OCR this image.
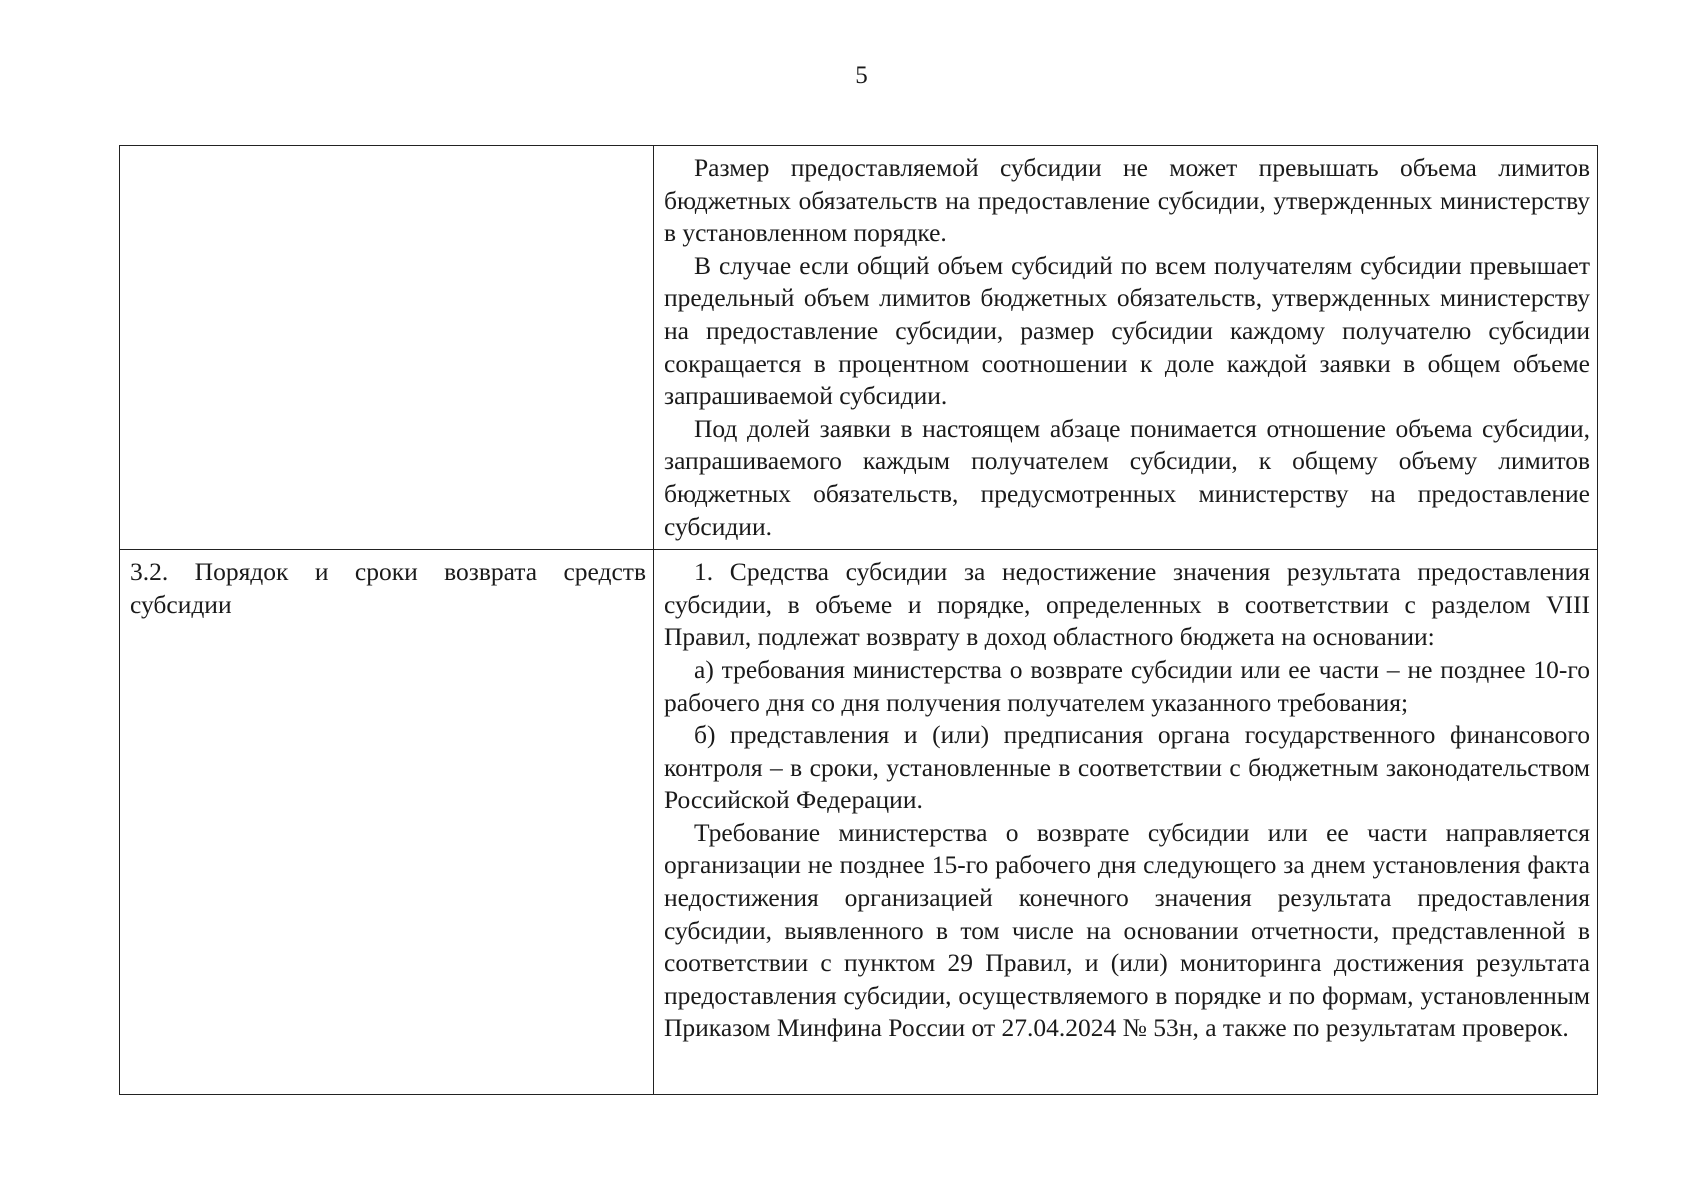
5

	Размер предоставляемой субсидии не может превышать объема лимитов бюджетных обязательств на предоставление субсидии, утвержденных министерству в установленном порядке.

В случае если общий объем субсидий по всем получателям субсидии превышает предельный объем лимитов бюджетных обязательств, утвержденных министерству на предоставление субсидии, размер субсидии каждому получателю субсидии сокращается в процентном соотношении к доле каждой заявки в общем объеме запрашиваемой субсидии.

Под долей заявки в настоящем абзаце понимается отношение объема субсидии, запрашиваемого каждым получателем субсидии, к общему объему лимитов бюджетных обязательств, предусмотренных министерству на предоставление субсидии.

3.2. Порядок и сроки возврата средств субсидии	1. Средства субсидии за недостижение значения результата предоставления субсидии, в объеме и порядке, определенных в соответствии с разделом VIII Правил, подлежат возврату в доход областного бюджета на основании:

а) требования министерства о возврате субсидии или ее части – не позднее 10-го рабочего дня со дня получения получателем указанного требования;

б) представления и (или) предписания органа государственного финансового контроля – в сроки, установленные в соответствии с бюджетным законодательством Российской Федерации.

Требование министерства о возврате субсидии или ее части направляется организации не позднее 15-го рабочего дня следующего за днем установления факта недостижения организацией конечного значения результата предоставления субсидии, выявленного в том числе на основании отчетности, представленной в соответствии с пунктом 29 Правил, и (или) мониторинга достижения результата предоставления субсидии, осуществляемого в порядке и по формам, установленным Приказом Минфина России от 27.04.2024 № 53н, а также по результатам проверок.
